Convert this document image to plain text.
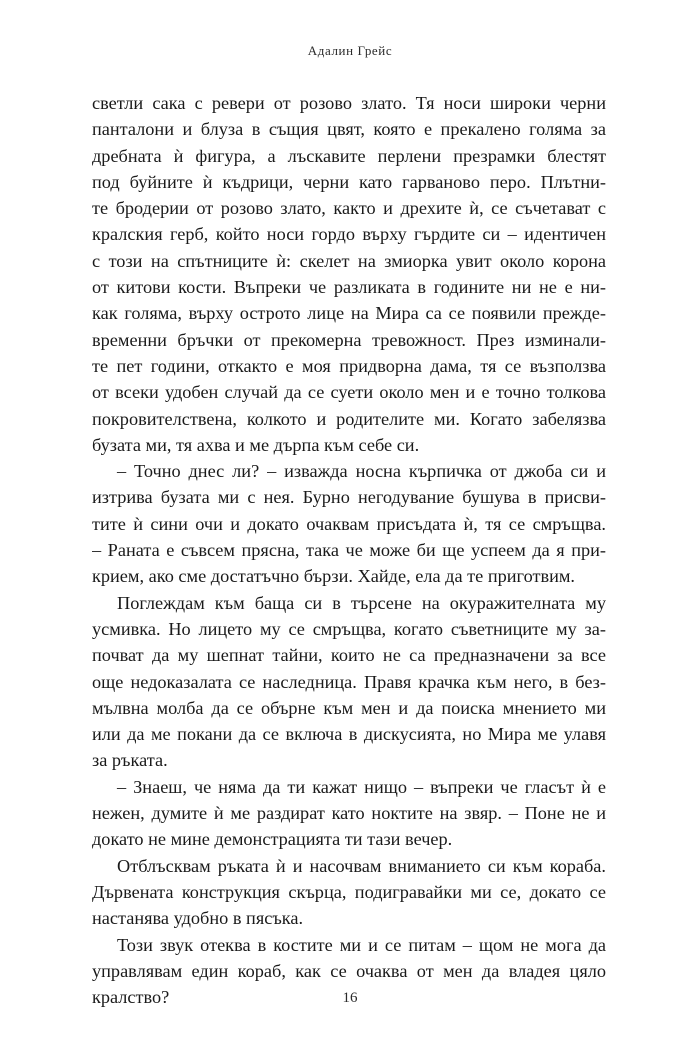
Адалин Грейс
светли сака с ревери от розово злато. Тя носи широки черни
панталони и блуза в същия цвят, която е прекалено голяма за
дребната ѝ фигура, а лъскавите перлени презрамки блестят
под буйните ѝ къдрици, черни като гарваново перо. Плътни-
те бродерии от розово злато, както и дрехите ѝ, се съчетават с
кралския герб, който носи гордо върху гърдите си – идентичен
с този на спътниците ѝ: скелет на змиорка увит около корона
от китови кости. Въпреки че разликата в годините ни не е ни-
как голяма, върху острото лице на Мира са се появили прежде-
временни бръчки от прекомерна тревожност. През изминали-
те пет години, откакто е моя придворна дама, тя се възползва
от всеки удобен случай да се суети около мен и е точно толкова
покровителствена, колкото и родителите ми. Когато забелязва
бузата ми, тя ахва и ме дърпа към себе си.
– Точно днес ли? – изважда носна кърпичка от джоба си и
изтрива бузата ми с нея. Бурно негодувание бушува в присви-
тите ѝ сини очи и докато очаквам присъдата ѝ, тя се смръщва.
– Раната е съвсем прясна, така че може би ще успеем да я при-
крием, ако сме достатъчно бързи. Хайде, ела да те приготвим.
Поглеждам към баща си в търсене на окуражителната му
усмивка. Но лицето му се смръщва, когато съветниците му за-
почват да му шепнат тайни, които не са предназначени за все
още недоказалата се наследница. Правя крачка към него, в без-
мълвна молба да се обърне към мен и да поиска мнението ми
или да ме покани да се включа в дискусията, но Мира ме улавя
за ръката.
– Знаеш, че няма да ти кажат нищо – въпреки че гласът ѝ е
нежен, думите ѝ ме раздират като ноктите на звяр. – Поне не и
докато не мине демонстрацията ти тази вечер.
Отблъсквам ръката ѝ и насочвам вниманието си към кораба.
Дървената конструкция скърца, подигравайки ми се, докато се
настанява удобно в пясъка.
Този звук отеква в костите ми и се питам – щом не мога да
управлявам един кораб, как се очаква от мен да владея цяло
кралство?	16
